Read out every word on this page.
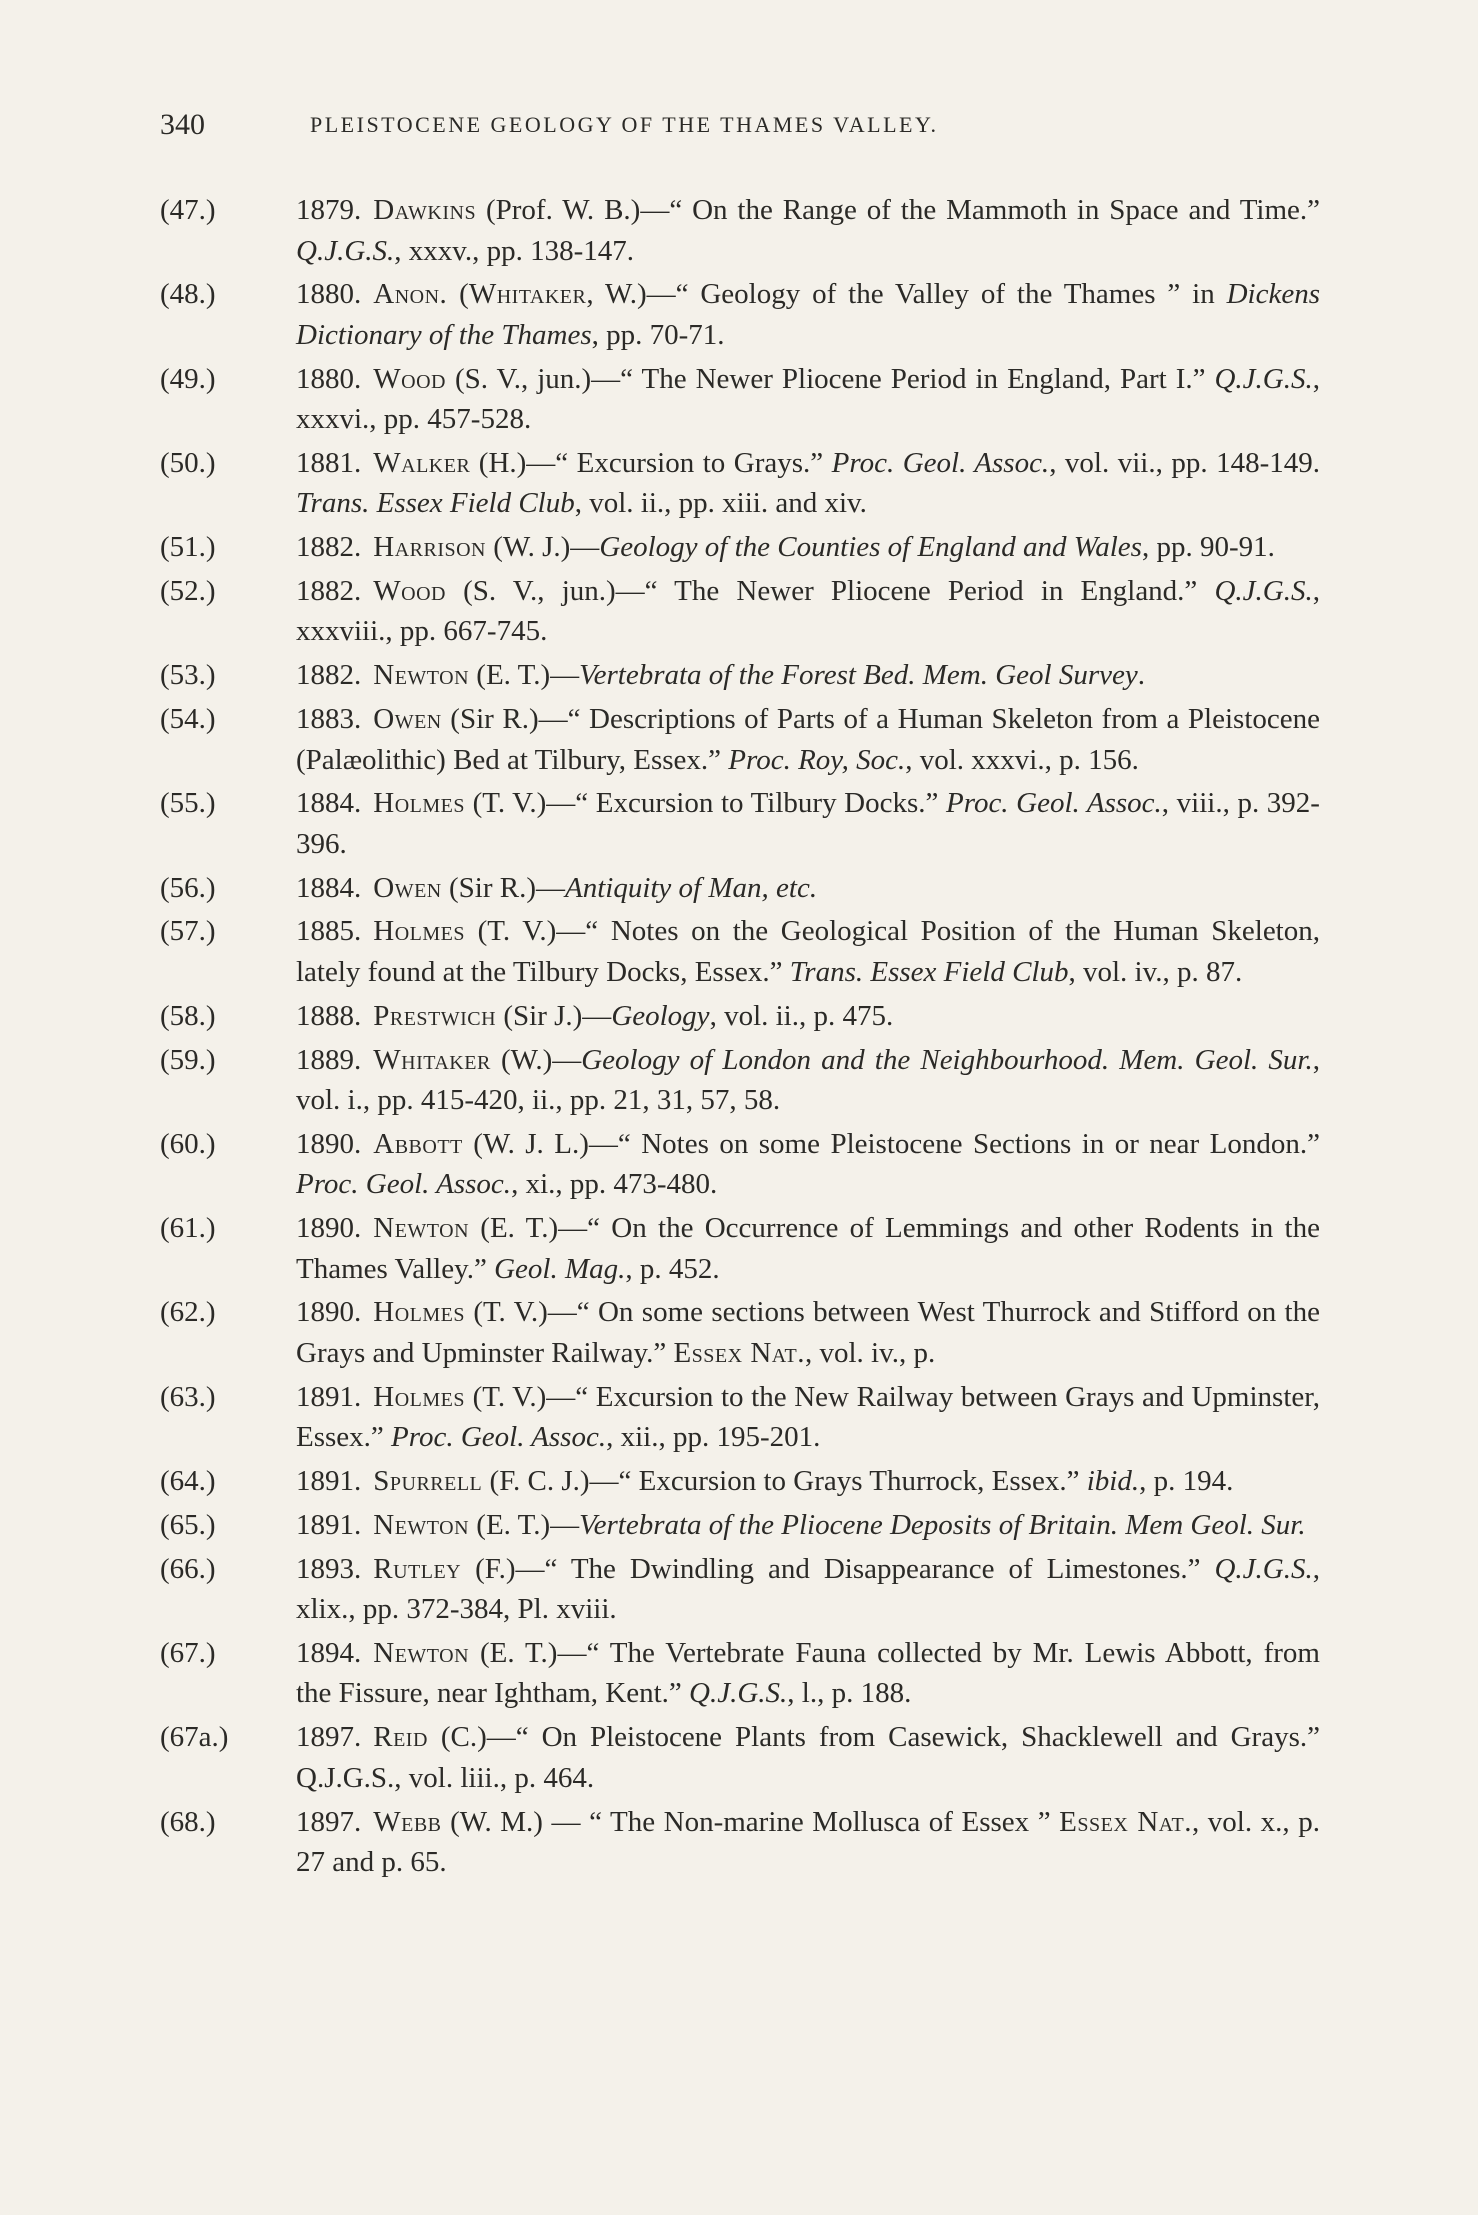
340	PLEISTOCENE GEOLOGY OF THE THAMES VALLEY.
(47.)	1879. Dawkins (Prof. W. B.)—“ On the Range of the Mammoth in Space and Time.” Q.J.G.S., xxxv., pp. 138-147.
(48.)	1880. Anon. (Whitaker, W.)—“ Geology of the Valley of the Thames ” in Dickens Dictionary of the Thames, pp. 70-71.
(49.)	1880. Wood (S. V., jun.)—“ The Newer Pliocene Period in England, Part I.” Q.J.G.S., xxxvi., pp. 457-528.
(50.)	1881. Walker (H.)—“ Excursion to Grays.” Proc. Geol. Assoc., vol. vii., pp. 148-149. Trans. Essex Field Club, vol. ii., pp. xiii. and xiv.
(51.)	1882. Harrison (W. J.)—Geology of the Counties of England and Wales, pp. 90-91.
(52.)	1882. Wood (S. V., jun.)—“ The Newer Pliocene Period in England.” Q.J.G.S., xxxviii., pp. 667-745.
(53.)	1882. Newton (E. T.)—Vertebrata of the Forest Bed. Mem. Geol Survey.
(54.)	1883. Owen (Sir R.)—“ Descriptions of Parts of a Human Skeleton from a Pleistocene (Palæolithic) Bed at Tilbury, Essex.” Proc. Roy, Soc., vol. xxxvi., p. 156.
(55.)	1884. Holmes (T. V.)—“ Excursion to Tilbury Docks.” Proc. Geol. Assoc., viii., p. 392-396.
(56.)	1884. Owen (Sir R.)—Antiquity of Man, etc.
(57.)	1885. Holmes (T. V.)—“ Notes on the Geological Position of the Human Skeleton, lately found at the Tilbury Docks, Essex.” Trans. Essex Field Club, vol. iv., p. 87.
(58.)	1888. Prestwich (Sir J.)—Geology, vol. ii., p. 475.
(59.)	1889. Whitaker (W.)—Geology of London and the Neighbourhood. Mem. Geol. Sur., vol. i., pp. 415-420, ii., pp. 21, 31, 57, 58.
(60.)	1890. Abbott (W. J. L.)—“ Notes on some Pleistocene Sections in or near London.” Proc. Geol. Assoc., xi., pp. 473-480.
(61.)	1890. Newton (E. T.)—“ On the Occurrence of Lemmings and other Rodents in the Thames Valley.” Geol. Mag., p. 452.
(62.)	1890. Holmes (T. V.)—“ On some sections between West Thurrock and Stifford on the Grays and Upminster Railway.” Essex Nat., vol. iv., p.
(63.)	1891. Holmes (T. V.)—“ Excursion to the New Railway between Grays and Upminster, Essex.” Proc. Geol. Assoc., xii., pp. 195-201.
(64.)	1891. Spurrell (F. C. J.)—“ Excursion to Grays Thurrock, Essex.” ibid., p. 194.
(65.)	1891. Newton (E. T.)—Vertebrata of the Pliocene Deposits of Britain. Mem Geol. Sur.
(66.)	1893. Rutley (F.)—“ The Dwindling and Disappearance of Limestones.” Q.J.G.S., xlix., pp. 372-384, Pl. xviii.
(67.)	1894. Newton (E. T.)—“ The Vertebrate Fauna collected by Mr. Lewis Abbott, from the Fissure, near Ightham, Kent.” Q.J.G.S., l., p. 188.
(67a.) 1897. Reid (C.)—“ On Pleistocene Plants from Casewick, Shacklewell and Grays.” Q.J.G.S., vol. liii., p. 464.
(68.)	1897. Webb (W. M.) — “ The Non-marine Mollusca of Essex ” Essex Nat., vol. x., p. 27 and p. 65.
